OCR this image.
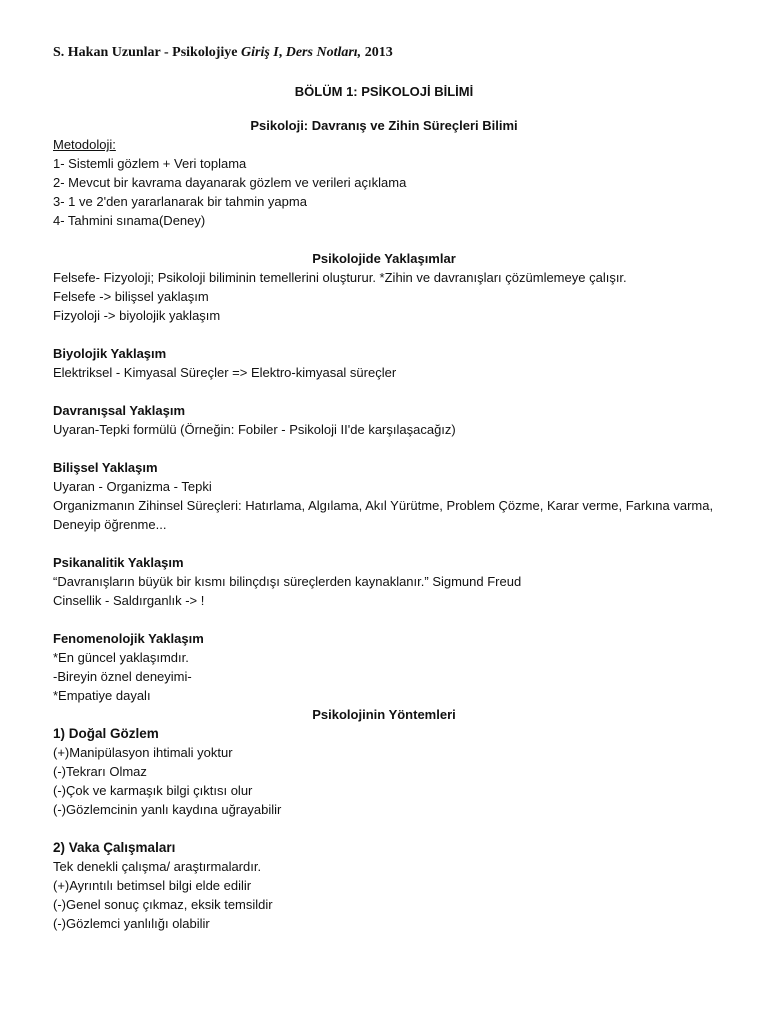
S. Hakan Uzunlar - Psikolojiye Giriş I, Ders Notları, 2013
BÖLÜM 1: PSİKOLOJİ BİLİMİ
Psikoloji: Davranış ve Zihin Süreçleri Bilimi
Metodoloji:
1- Sistemli gözlem + Veri toplama
2- Mevcut bir kavrama dayanarak gözlem ve verileri açıklama
3- 1 ve 2'den yararlanarak bir tahmin yapma
4- Tahmini sınama(Deney)
Psikolojide Yaklaşımlar
Felsefe- Fizyoloji; Psikoloji biliminin temellerini oluşturur. *Zihin ve davranışları çözümlemeye çalışır.
Felsefe -> bilişsel yaklaşım
Fizyoloji -> biyolojik yaklaşım
Biyolojik Yaklaşım
Elektriksel - Kimyasal Süreçler => Elektro-kimyasal süreçler
Davranışsal Yaklaşım
Uyaran-Tepki formülü (Örneğin: Fobiler - Psikoloji II'de karşılaşacağız)
Bilişsel Yaklaşım
Uyaran - Organizma - Tepki
Organizmanın Zihinsel Süreçleri: Hatırlama, Algılama, Akıl Yürütme, Problem Çözme, Karar verme, Farkına varma, Deneyip öğrenme...
Psikanalitik Yaklaşım
“Davranışların büyük bir kısmı bilinçdışı süreçlerden kaynaklanır.” Sigmund Freud
Cinsellik - Saldırganlık -> !
Fenomenolojik Yaklaşım
*En güncel yaklaşımdır.
-Bireyin öznel deneyimi-
*Empatiye dayalı
Psikolojinin Yöntemleri
1) Doğal Gözlem
(+)Manipülasyon ihtimali yoktur
(-)Tekrarı Olmaz
(-)Çok ve karmaşık bilgi çıktısı olur
(-)Gözlemcinin yanlı kaydına uğrayabilir
2) Vaka Çalışmaları
Tek denekli çalışma/ araştırmalardır.
(+)Ayrıntılı betimsel bilgi elde edilir
(-)Genel sonuç çıkmaz, eksik temsildir
(-)Gözlemci yanlılığı olabilir
